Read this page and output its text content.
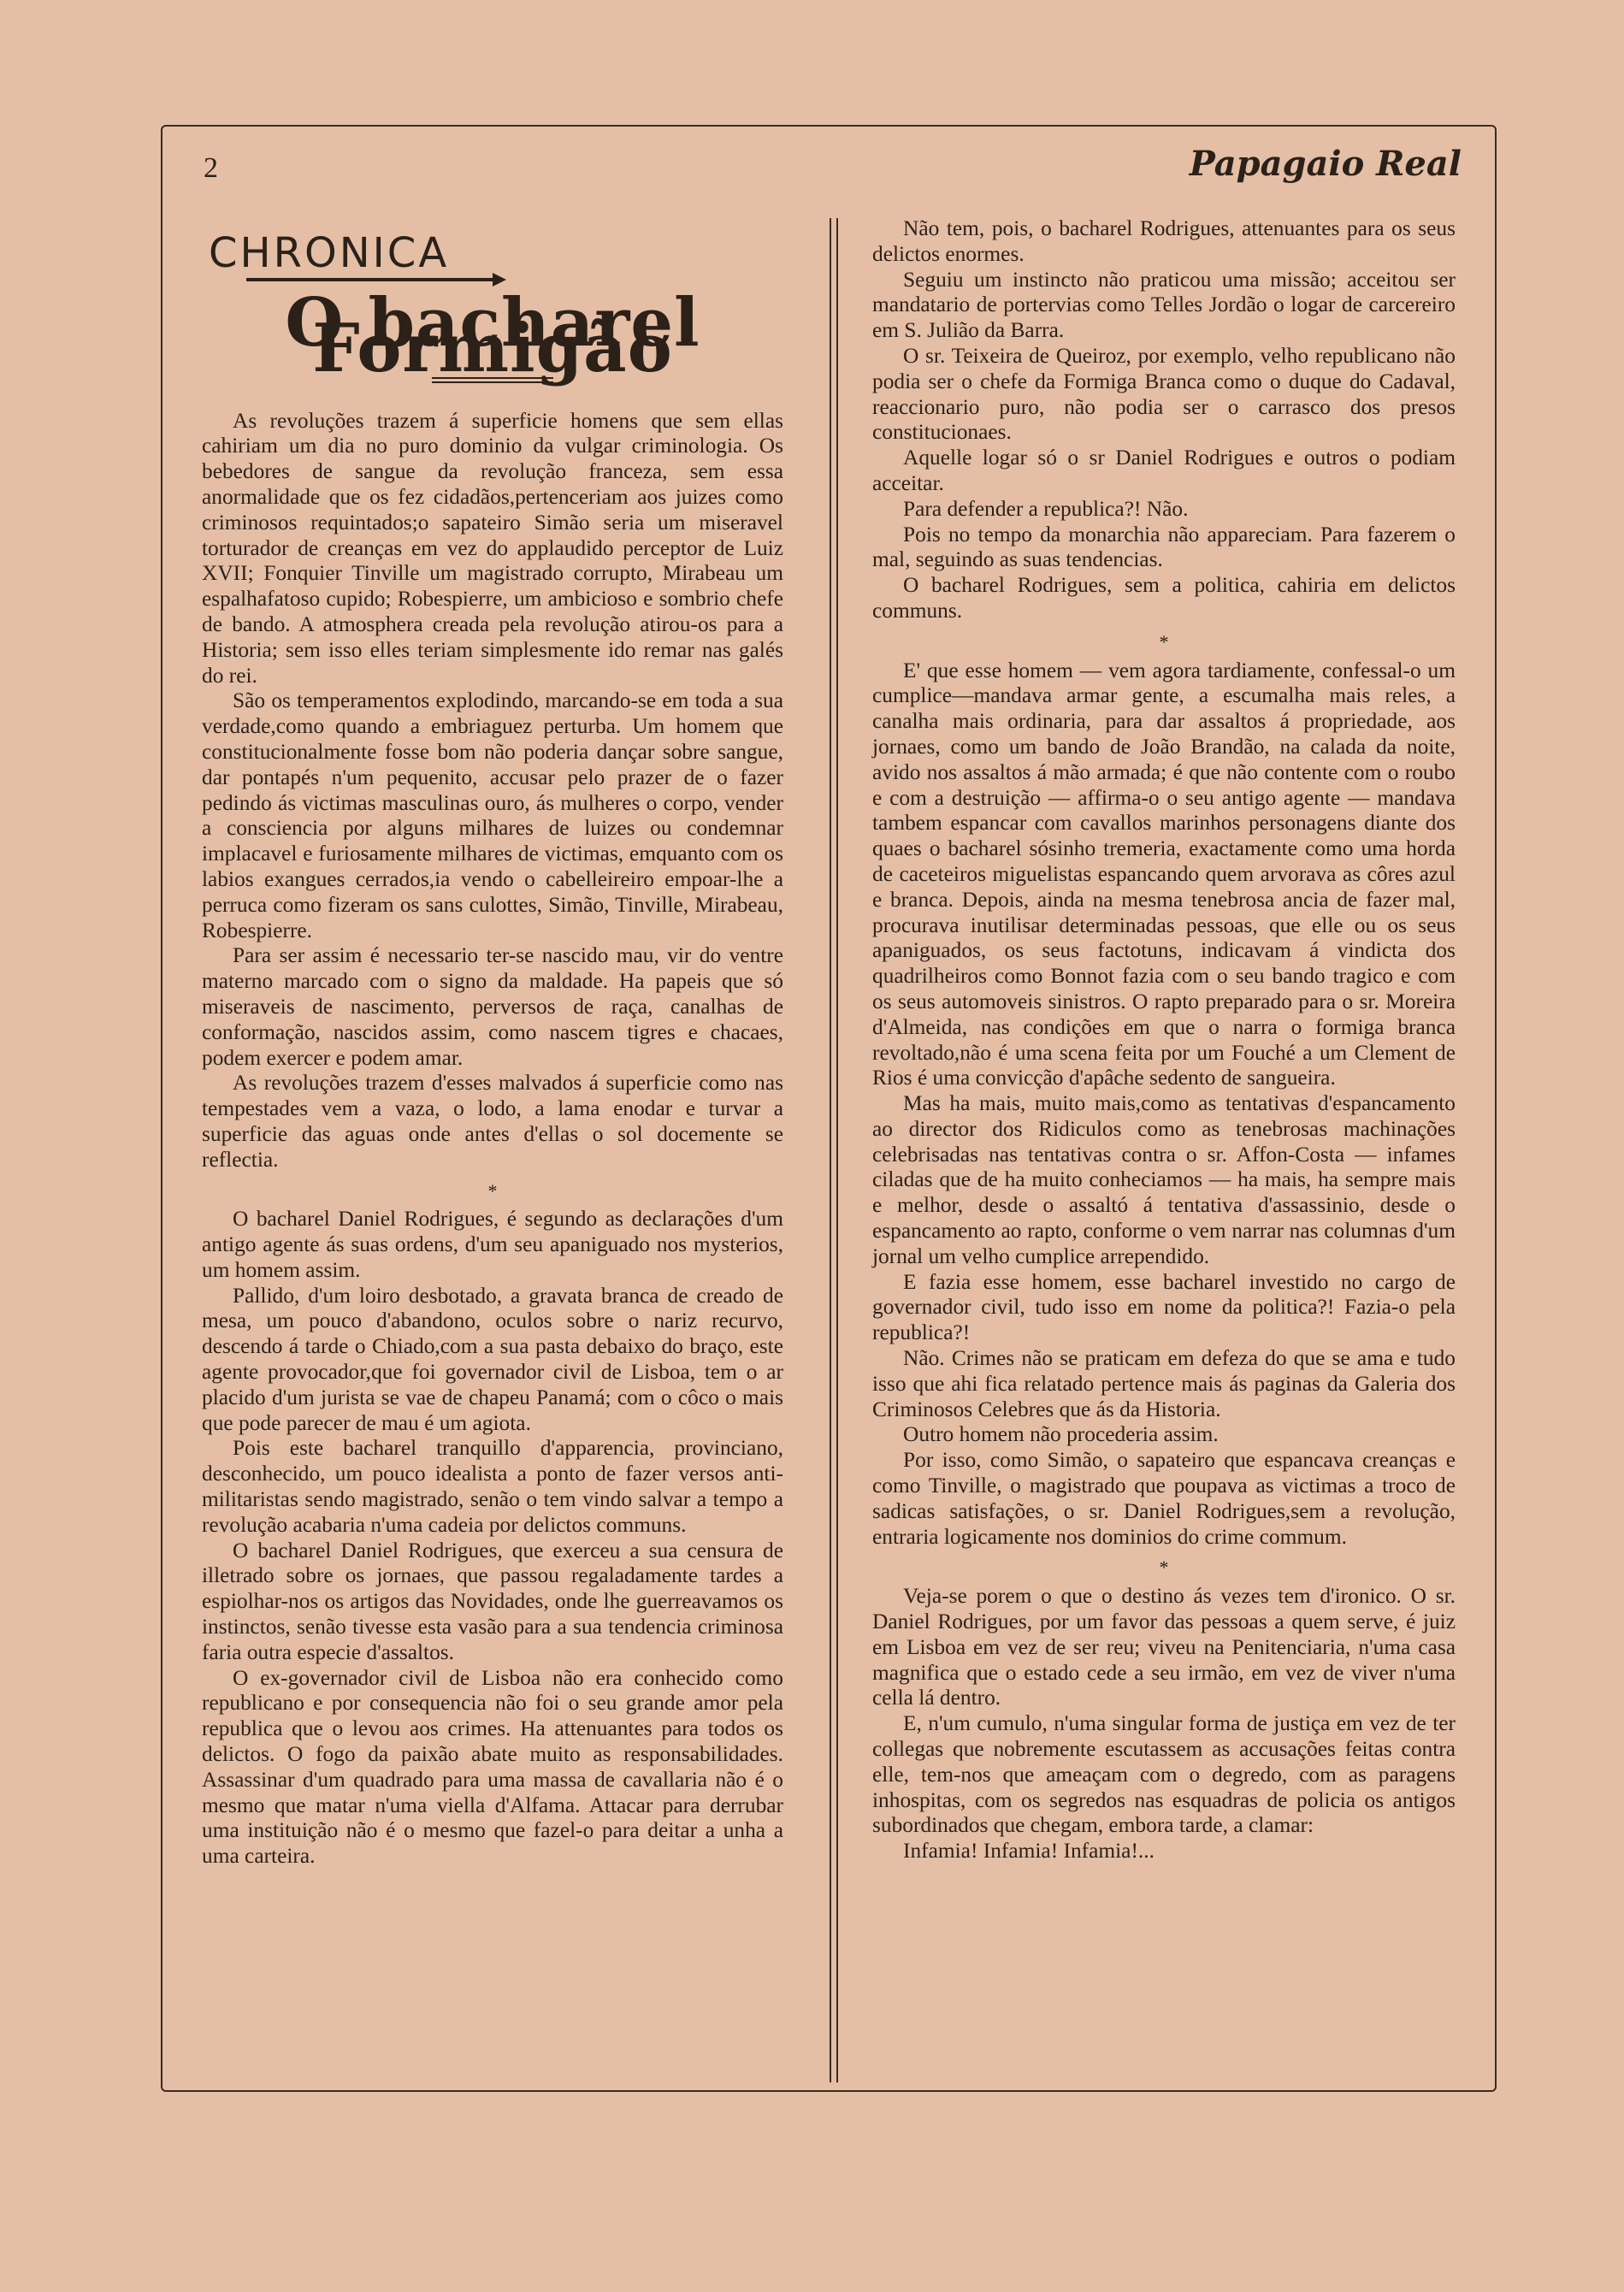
2	Papagaio Real
CHRONICA
O bacharel Formigão

As revoluções trazem á superficie homens que sem ellas cahiriam um dia no puro dominio da vulgar criminologia. Os bebedores de sangue da revolução franceza, sem essa anormalidade que os fez cidadãos,pertenceriam aos juizes como criminosos requintados;o sapateiro Simão seria um miseravel torturador de creanças em vez do applaudido perceptor de Luiz XVII; Fonquier Tinville um magistrado corrupto, Mirabeau um espalhafatoso cupido; Robespierre, um ambicioso e sombrio chefe de bando. A atmosphera creada pela revolução atirou-os para a Historia; sem isso elles teriam simplesmente ido remar nas galés do rei.

São os temperamentos explodindo, marcando-se em toda a sua verdade,como quando a embriaguez perturba. Um homem que constitucionalmente fosse bom não poderia dançar sobre sangue, dar pontapés n'um pequenito, accusar pelo prazer de o fazer pedindo ás victimas masculinas ouro, ás mulheres o corpo, vender a consciencia por alguns milhares de luizes ou condemnar implacavel e furiosamente milhares de victimas, emquanto com os labios exangues cerrados,ia vendo o cabelleireiro empoar-lhe a perruca como fizeram os sans culottes, Simão, Tinville, Mirabeau, Robespierre.

Para ser assim é necessario ter-se nascido mau, vir do ventre materno marcado com o signo da maldade. Ha papeis que só miseraveis de nascimento, perversos de raça, canalhas de conformação, nascidos assim, como nascem tigres e chacaes, podem exercer e podem amar.

As revoluções trazem d'esses malvados á superficie como nas tempestades vem a vaza, o lodo, a lama enodar e turvar a superficie das aguas onde antes d'ellas o sol docemente se reflectia.

*

O bacharel Daniel Rodrigues, é segundo as declarações d'um antigo agente ás suas ordens, d'um seu apaniguado nos mysterios, um homem assim.

Pallido, d'um loiro desbotado, a gravata branca de creado de mesa, um pouco d'abandono, oculos sobre o nariz recurvo, descendo á tarde o Chiado,com a sua pasta debaixo do braço, este agente provocador,que foi governador civil de Lisboa, tem o ar placido d'um jurista se vae de chapeu Panamá; com o côco o mais que pode parecer de mau é um agiota.

Pois este bacharel tranquillo d'apparencia, provinciano, desconhecido, um pouco idealista a ponto de fazer versos anti-militaristas sendo magistrado, senão o tem vindo salvar a tempo a revolução acabaria n'uma cadeia por delictos communs.

O bacharel Daniel Rodrigues, que exerceu a sua censura de illetrado sobre os jornaes, que passou regaladamente tardes a espiolhar-nos os artigos das Novidades, onde lhe guerreavamos os instinctos, senão tivesse esta vasão para a sua tendencia criminosa faria outra especie d'assaltos.

O ex-governador civil de Lisboa não era conhecido como republicano e por consequencia não foi o seu grande amor pela republica que o levou aos crimes. Ha attenuantes para todos os delictos. O fogo da paixão abate muito as responsabilidades. Assassinar d'um quadrado para uma massa de cavallaria não é o mesmo que matar n'uma viella d'Alfama. Attacar para derrubar uma instituição não é o mesmo que fazel-o para deitar a unha a uma carteira.

Não tem, pois, o bacharel Rodrigues, attenuantes para os seus delictos enormes.

Seguiu um instincto não praticou uma missão; acceitou ser mandatario de portervias como Telles Jordão o logar de carcereiro em S. Julião da Barra.

O sr. Teixeira de Queiroz, por exemplo, velho republicano não podia ser o chefe da Formiga Branca como o duque do Cadaval, reaccionario puro, não podia ser o carrasco dos presos constitucionaes.

Aquelle logar só o sr Daniel Rodrigues e outros o podiam acceitar.

Para defender a republica?! Não.

Pois no tempo da monarchia não appareciam. Para fazerem o mal, seguindo as suas tendencias.

O bacharel Rodrigues, sem a politica, cahiria em delictos communs.

*

E' que esse homem — vem agora tardiamente, confessal-o um cumplice—mandava armar gente, a escumalha mais reles, a canalha mais ordinaria, para dar assaltos á propriedade, aos jornaes, como um bando de João Brandão, na calada da noite, avido nos assaltos á mão armada; é que não contente com o roubo e com a destruição — affirma-o o seu antigo agente — mandava tambem espancar com cavallos marinhos personagens diante dos quaes o bacharel sósinho tremeria, exactamente como uma horda de caceteiros miguelistas espancando quem arvorava as côres azul e branca. Depois, ainda na mesma tenebrosa ancia de fazer mal, procurava inutilisar determinadas pessoas, que elle ou os seus apaniguados, os seus factotuns, indicavam á vindicta dos quadrilheiros como Bonnot fazia com o seu bando tragico e com os seus automoveis sinistros. O rapto preparado para o sr. Moreira d'Almeida, nas condições em que o narra o formiga branca revoltado,não é uma scena feita por um Fouché a um Clement de Rios é uma convicção d'apâche sedento de sangueira.

Mas ha mais, muito mais,como as tentativas d'espancamento ao director dos Ridiculos como as tenebrosas machinações celebrisadas nas tentativas contra o sr. Affon-Costa — infames ciladas que de ha muito conheciamos — ha mais, ha sempre mais e melhor, desde o assaltó á tentativa d'assassinio, desde o espancamento ao rapto, conforme o vem narrar nas columnas d'um jornal um velho cumplice arrependido.

E fazia esse homem, esse bacharel investido no cargo de governador civil, tudo isso em nome da politica?! Fazia-o pela republica?!

Não. Crimes não se praticam em defeza do que se ama e tudo isso que ahi fica relatado pertence mais ás paginas da Galeria dos Criminosos Celebres que ás da Historia.

Outro homem não procederia assim.

Por isso, como Simão, o sapateiro que espancava creanças e como Tinville, o magistrado que poupava as victimas a troco de sadicas satisfações, o sr. Daniel Rodrigues,sem a revolução, entraria logicamente nos dominios do crime commum.

*

Veja-se porem o que o destino ás vezes tem d'ironico. O sr. Daniel Rodrigues, por um favor das pessoas a quem serve, é juiz em Lisboa em vez de ser reu; viveu na Penitenciaria, n'uma casa magnifica que o estado cede a seu irmão, em vez de viver n'uma cella lá dentro.

E, n'um cumulo, n'uma singular forma de justiça em vez de ter collegas que nobremente escutassem as accusações feitas contra elle, tem-nos que ameaçam com o degredo, com as paragens inhospitas, com os segredos nas esquadras de policia os antigos subordinados que chegam, embora tarde, a clamar:

Infamia! Infamia! Infamia!...
